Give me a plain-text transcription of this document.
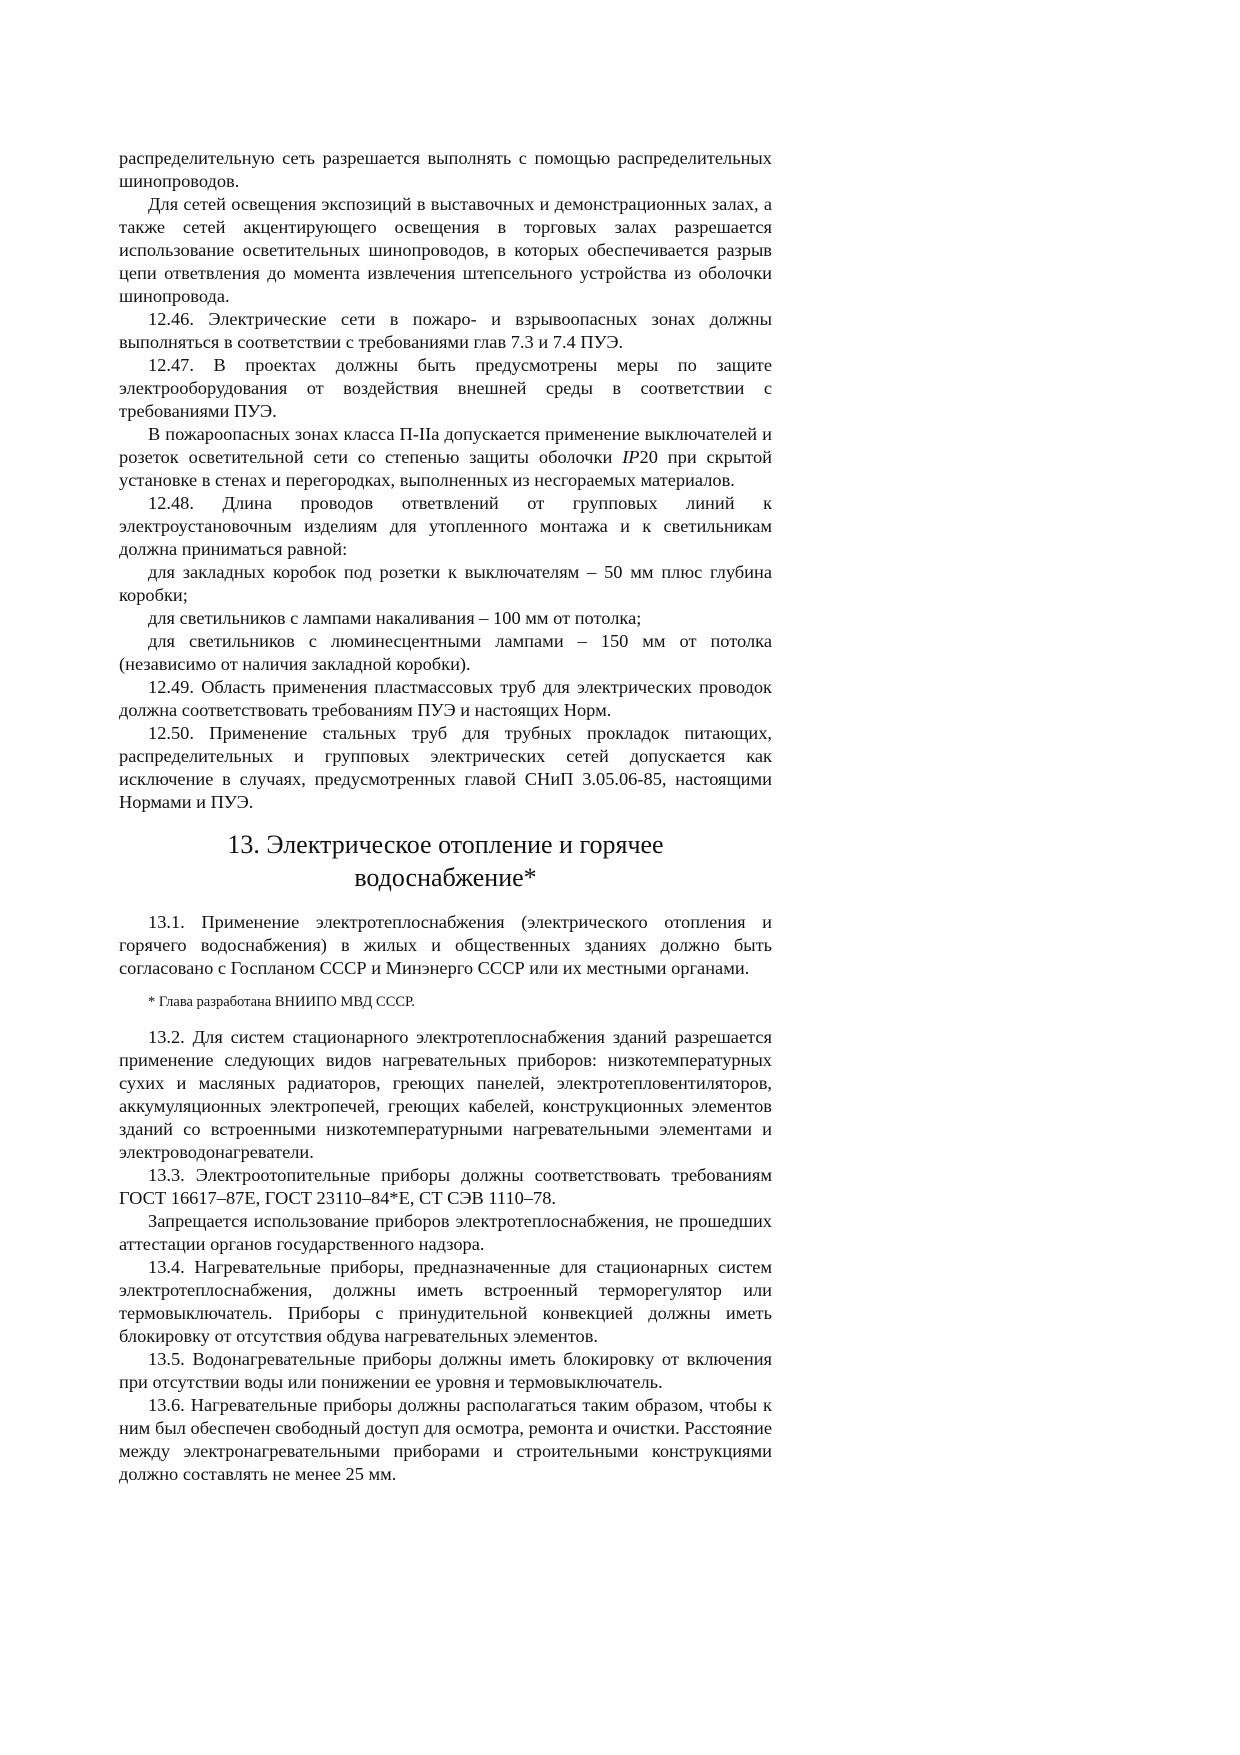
распределительную сеть разрешается выполнять с помощью распределительных шинопроводов.

Для сетей освещения экспозиций в выставочных и демонстрационных залах, а также сетей акцентирующего освещения в торговых залах разрешается использование осветительных шинопроводов, в которых обеспечивается разрыв цепи ответвления до момента извлечения штепсельного устройства из оболочки шинопровода.

12.46. Электрические сети в пожаро- и взрывоопасных зонах должны выполняться в соответствии с требованиями глав 7.3 и 7.4 ПУЭ.

12.47. В проектах должны быть предусмотрены меры по защите электрооборудования от воздействия внешней среды в соответствии с требованиями ПУЭ.

В пожароопасных зонах класса П-IIа допускается применение выключателей и розеток осветительной сети со степенью защиты оболочки IP20 при скрытой установке в стенах и перегородках, выполненных из несгораемых материалов.

12.48. Длина проводов ответвлений от групповых линий к электроустановочным изделиям для утопленного монтажа и к светильникам должна приниматься равной:

для закладных коробок под розетки к выключателям – 50 мм плюс глубина коробки;

для светильников с лампами накаливания – 100 мм от потолка;

для светильников с люминесцентными лампами – 150 мм от потолка (независимо от наличия закладной коробки).

12.49. Область применения пластмассовых труб для электрических проводок должна соответствовать требованиям ПУЭ и настоящих Норм.

12.50. Применение стальных труб для трубных прокладок питающих, распределительных и групповых электрических сетей допускается как исключение в случаях, предусмотренных главой СНиП 3.05.06-85, настоящими Нормами и ПУЭ.

13. Электрическое отопление и горячее
водоснабжение*

13.1. Применение электротеплоснабжения (электрического отопления и горячего водоснабжения) в жилых и общественных зданиях должно быть согласовано с Госпланом СССР и Минэнерго СССР или их местными органами.

* Глава разработана ВНИИПО МВД СССР.

13.2. Для систем стационарного электротеплоснабжения зданий разрешается применение следующих видов нагревательных приборов: низкотемпературных сухих и масляных радиаторов, греющих панелей, электротепловентиляторов, аккумуляционных электропечей, греющих кабелей, конструкционных элементов зданий со встроенными низкотемпературными нагревательными элементами и электроводонагреватели.

13.3. Электроотопительные приборы должны соответствовать требованиям ГОСТ 16617–87Е, ГОСТ 23110–84*Е, СТ СЭВ 1110–78.

Запрещается использование приборов электротеплоснабжения, не прошедших аттестации органов государственного надзора.

13.4. Нагревательные приборы, предназначенные для стационарных систем электротеплоснабжения, должны иметь встроенный терморегулятор или термовыключатель. Приборы с принудительной конвекцией должны иметь блокировку от отсутствия обдува нагревательных элементов.

13.5. Водонагревательные приборы должны иметь блокировку от включения при отсутствии воды или понижении ее уровня и термовыключатель.

13.6. Нагревательные приборы должны располагаться таким образом, чтобы к ним был обеспечен свободный доступ для осмотра, ремонта и очистки. Расстояние между электронагревательными приборами и строительными конструкциями должно составлять не менее 25 мм.
